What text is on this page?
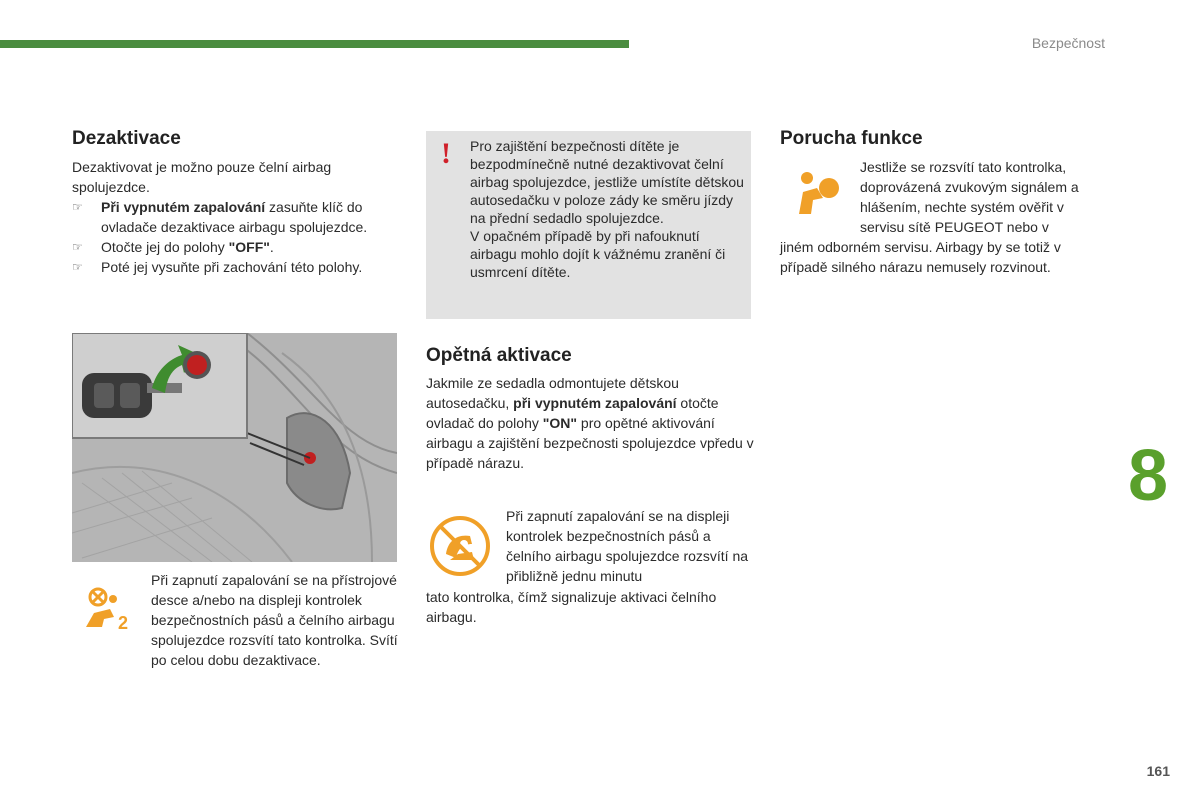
Bezpečnost
8
161
Dezaktivace

Dezaktivovat je možno pouze čelní airbag spolujezdce.

☞ Při vypnutém zapalování zasuňte klíč do ovladače dezaktivace airbagu spolujezdce.

☞ Otočte jej do polohy "OFF".

☞ Poté jej vysuňte při zachování této polohy.

2
Při zapnutí zapalování se na přístrojové desce a/nebo na displeji kontrolek bezpečnostních pásů a čelního airbagu spolujezdce rozsvítí tato kontrolka. Svítí po celou dobu dezaktivace.
! Pro zajištění bezpečnosti dítěte je bezpodmínečně nutné dezaktivovat čelní airbag spolujezdce, jestliže umístíte dětskou autosedačku v poloze zády ke směru jízdy na přední sedadlo spolujezdce.

V opačném případě by při nafouknutí airbagu mohlo dojít k vážnému zranění či usmrcení dítěte.

Opětná aktivace
Jakmile ze sedadla odmontujete dětskou autosedačku, při vypnutém zapalování otočte ovladač do polohy "ON" pro opětné aktivování airbagu a zajištění bezpečnosti spolujezdce vpředu v případě nárazu.
Při zapnutí zapalování se na displeji kontrolek bezpečnostních pásů a čelního airbagu spolujezdce rozsvítí na přibližně jednu minutu
tato kontrolka, čímž signalizuje aktivaci čelního airbagu.
Porucha funkce
Jestliže se rozsvítí tato kontrolka, doprovázená zvukovým signálem a hlášením, nechte systém ověřit v servisu sítě PEUGEOT nebo v
jiném odborném servisu. Airbagy by se totiž v případě silného nárazu nemusely rozvinout.
